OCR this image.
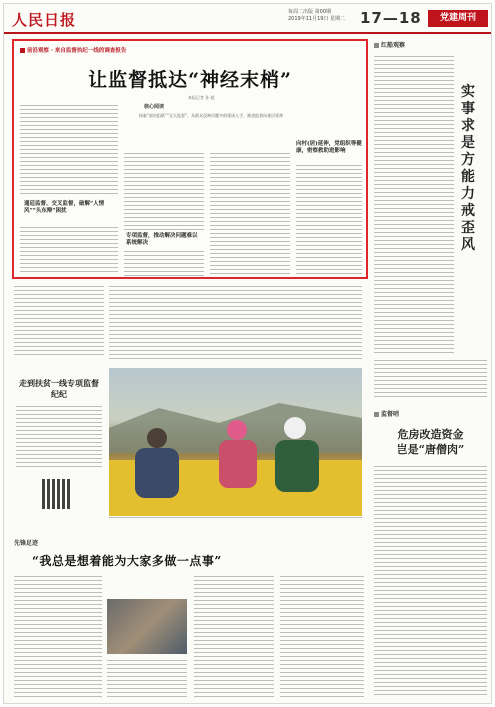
人民日报	每周二出版 第00期
2019年11月19日 星期二 17—18	党建周刊
前沿观察 · 来自监督执纪一线的调查报告
让监督抵达“神经末梢”
本报记者 孙 超
核心阅读
探索“部站组联”“全天监督”，从群众反映问题多的现场入手，推进监督向基层延伸
通廷监督、交叉监督，破解“人情风”“头东辩”困扰
专项监督，推动解决问题难以系统解决
向村(居)延伸，党组织等健康，密察救助进影响
红船观察
实事求是方能力戒歪风
监督哨
危房改造资金
岂是“唐僧肉”
走到扶贫一线专项监督纪纪
先锋足迹
“我总是想着能为大家多做一点事”
